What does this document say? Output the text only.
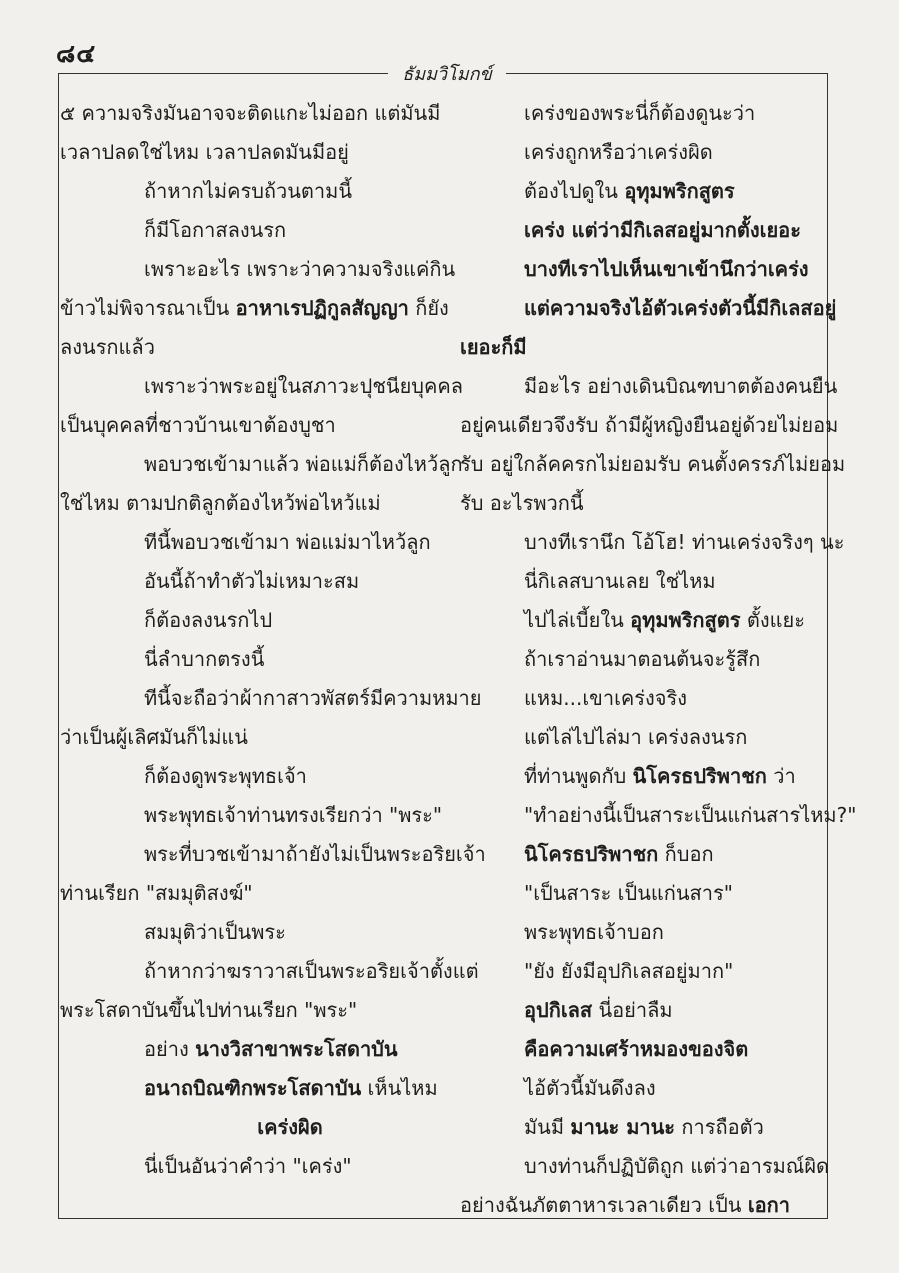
๘๔
ธัมมวิโมกข์
๕ ความจริงมันอาจจะติดแกะไม่ออก แต่มันมี
เวลาปลดใช่ไหม เวลาปลดมันมีอยู่
ถ้าหากไม่ครบถ้วนตามนี้
ก็มีโอกาสลงนรก
เพราะอะไร เพราะว่าความจริงแค่กิน
ข้าวไม่พิจารณาเป็น อาหาเรปฏิกูลสัญญา ก็ยัง
ลงนรกแล้ว
เพราะว่าพระอยู่ในสภาวะปุชนียบุคคล
เป็นบุคคลที่ชาวบ้านเขาต้องบูชา
พอบวชเข้ามาแล้ว พ่อแม่ก็ต้องไหว้ลูก
ใช่ไหม ตามปกติลูกต้องไหว้พ่อไหว้แม่
ทีนี้พอบวชเข้ามา พ่อแม่มาไหว้ลูก
อันนี้ถ้าทำตัวไม่เหมาะสม
ก็ต้องลงนรกไป
นี่ลำบากตรงนี้
ทีนี้จะถือว่าผ้ากาสาวพัสตร์มีความหมาย
ว่าเป็นผู้เลิศมันก็ไม่แน่
ก็ต้องดูพระพุทธเจ้า
พระพุทธเจ้าท่านทรงเรียกว่า "พระ"
พระที่บวชเข้ามาถ้ายังไม่เป็นพระอริยเจ้า
ท่านเรียก "สมมุติสงฆ์"
สมมุติว่าเป็นพระ
ถ้าหากว่าฆราวาสเป็นพระอริยเจ้าตั้งแต่
พระโสดาบันขึ้นไปท่านเรียก "พระ"
อย่าง นางวิสาขาพระโสดาบัน
อนาถบิณฑิกพระโสดาบัน เห็นไหม
เคร่งผิด
นี่เป็นอันว่าคำว่า "เคร่ง"
เคร่งของพระนี่ก็ต้องดูนะว่า
เคร่งถูกหรือว่าเคร่งผิด
ต้องไปดูใน อุทุมพริกสูตร
เคร่ง แต่ว่ามีกิเลสอยู่มากตั้งเยอะ
บางทีเราไปเห็นเขาเข้านึกว่าเคร่ง
แต่ความจริงไอ้ตัวเคร่งตัวนี้มีกิเลสอยู่
เยอะก็มี
มีอะไร อย่างเดินบิณฑบาตต้องคนยืน
อยู่คนเดียวจึงรับ ถ้ามีผู้หญิงยืนอยู่ด้วยไม่ยอม
รับ อยู่ใกล้คครกไม่ยอมรับ คนตั้งครรภ์ไม่ยอม
รับ อะไรพวกนี้
บางทีเรานึก โอ้โฮ! ท่านเคร่งจริงๆ นะ
นี่กิเลสบานเลย ใช่ไหม
ไปไล่เบี้ยใน อุทุมพริกสูตร ตั้งแยะ
ถ้าเราอ่านมาตอนต้นจะรู้สึก
แหม...เขาเคร่งจริง
แต่ไล่ไปไล่มา เคร่งลงนรก
ที่ท่านพูดกับ นิโครธปริพาชก ว่า
"ทำอย่างนี้เป็นสาระเป็นแก่นสารไหม?"
นิโครธปริพาชก ก็บอก
"เป็นสาระ เป็นแก่นสาร"
พระพุทธเจ้าบอก
"ยัง ยังมีอุปกิเลสอยู่มาก"
อุปกิเลส นี่อย่าลืม
คือความเศร้าหมองของจิต
ไอ้ตัวนี้มันดึงลง
มันมี มานะ มานะ การถือตัว
บางท่านก็ปฏิบัติถูก แต่ว่าอารมณ์ผิด
อย่างฉันภัตตาหารเวลาเดียว เป็น เอกา
